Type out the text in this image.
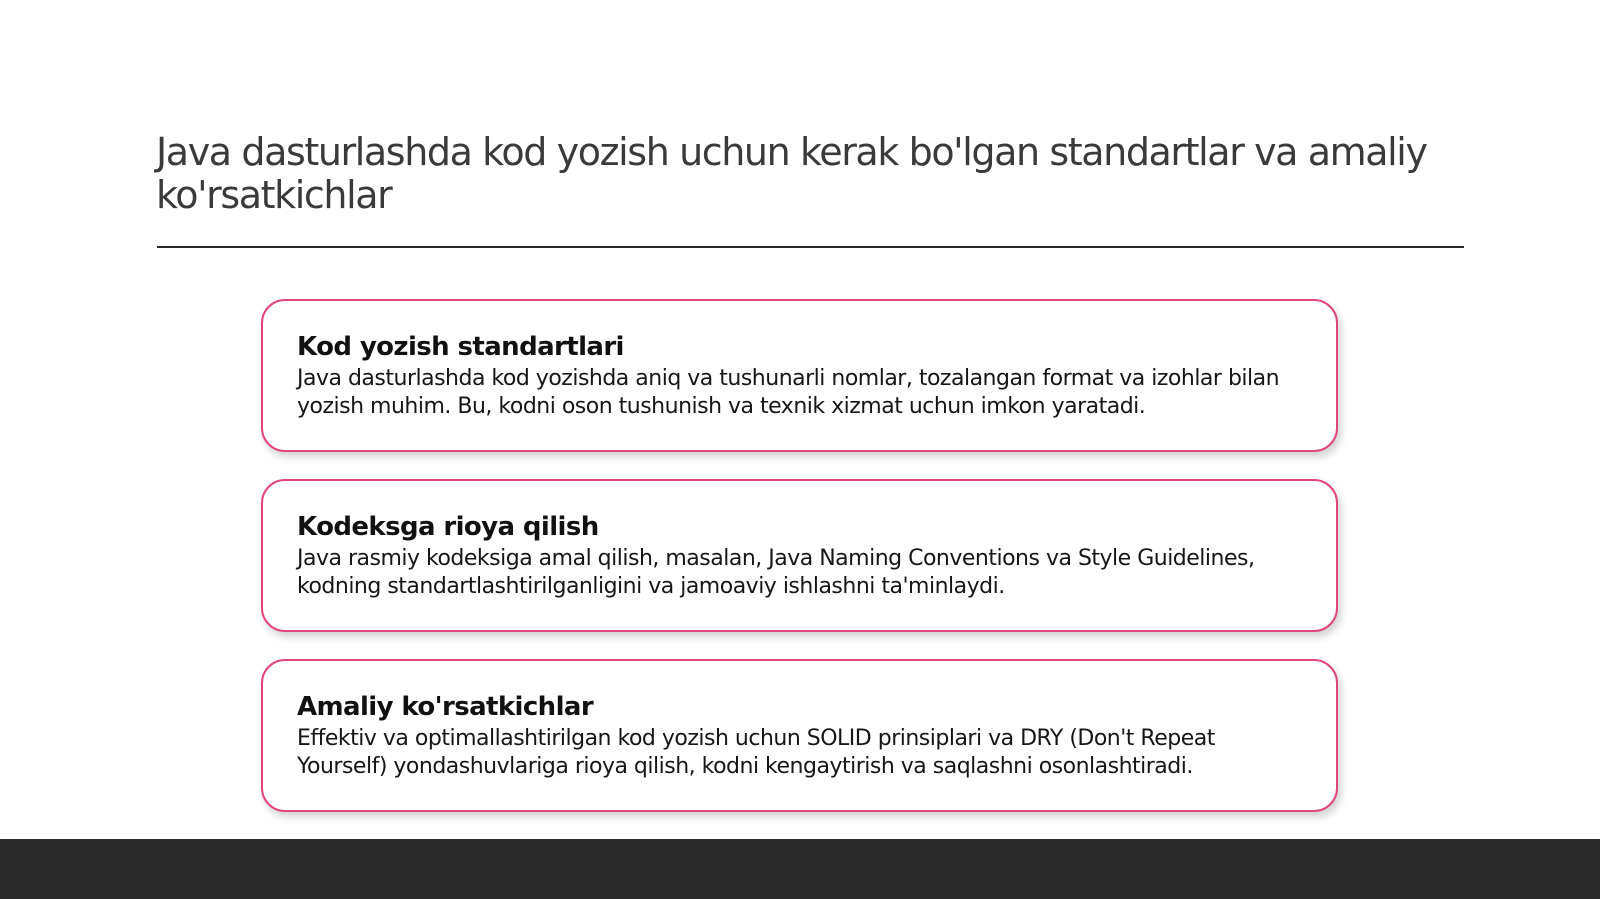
Java dasturlashda kod yozish uchun kerak bo'lgan standartlar va amaliy ko'rsatkichlar
Kod yozish standartlari

Java dasturlashda kod yozishda aniq va tushunarli nomlar, tozalangan format va izohlar bilan yozish muhim. Bu, kodni oson tushunish va texnik xizmat uchun imkon yaratadi.

Kodeksga rioya qilish

Java rasmiy kodeksiga amal qilish, masalan, Java Naming Conventions va Style Guidelines, kodning standartlashtirilganligini va jamoaviy ishlashni ta'minlaydi.

Amaliy ko'rsatkichlar

Effektiv va optimallashtirilgan kod yozish uchun SOLID prinsiplari va DRY (Don't Repeat Yourself) yondashuvlariga rioya qilish, kodni kengaytirish va saqlashni osonlashtiradi.
